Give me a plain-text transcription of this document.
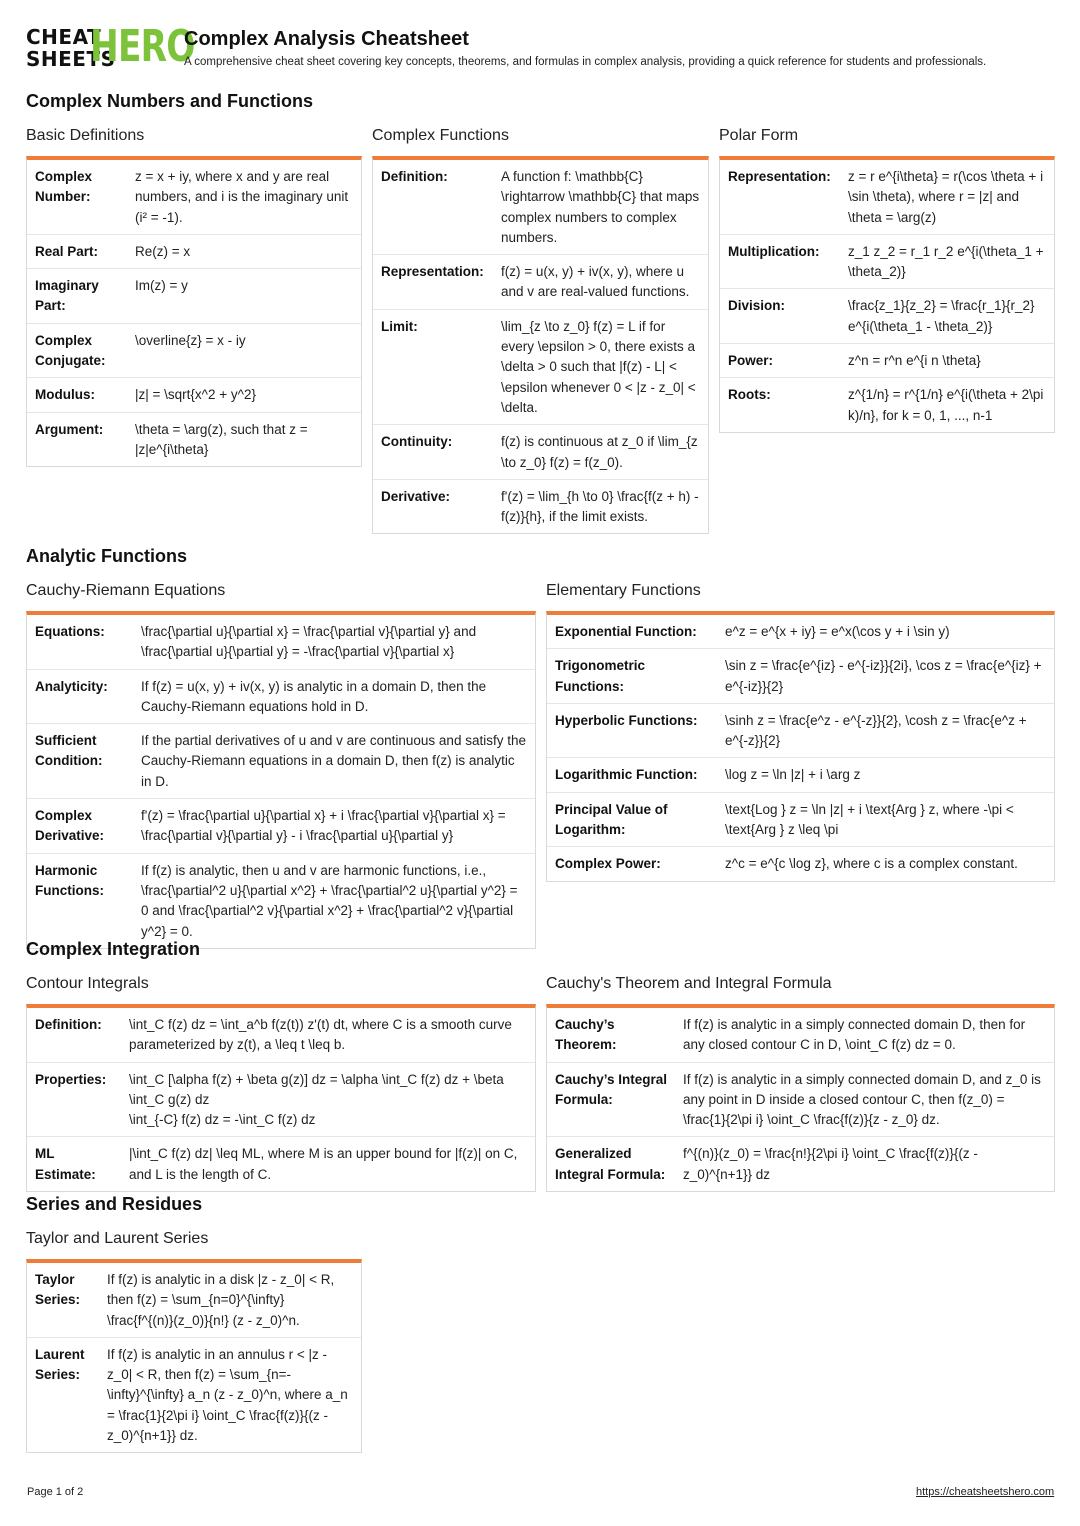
CHEAT
SHEETS
HERO
Complex Analysis Cheatsheet
A comprehensive cheat sheet covering key concepts, theorems, and formulas in complex analysis, providing a quick reference for students and professionals.
Complex Numbers and Functions
Basic Definitions
Complex
Number:
z = x + iy, where x and y are real numbers, and i is the imaginary unit (i² = -1).
Real Part:	Re(z) = x
Imaginary
Part:
Im(z) = y
Complex
Conjugate:
\overline{z} = x - iy
Modulus:	|z| = \sqrt{x^2 + y^2}
Argument:	\theta = \arg(z), such that z = |z|e^{i\theta}
Complex Functions
Definition:	A function f: \mathbb{C} \rightarrow \mathbb{C} that maps complex numbers to complex numbers.
Representation:	f(z) = u(x, y) + iv(x, y), where u and v are real-valued functions.
Limit:	\lim_{z \to z_0} f(z) = L if for every \epsilon > 0, there exists a \delta > 0 such that |f(z) - L| < \epsilon whenever 0 < |z - z_0| < \delta.
Continuity:	f(z) is continuous at z_0 if \lim_{z \to z_0} f(z) = f(z_0).
Derivative:	f'(z) = \lim_{h \to 0} \frac{f(z + h) - f(z)}{h}, if the limit exists.
Polar Form
Representation:	z = r e^{i\theta} = r(\cos \theta + i \sin \theta), where r = |z| and \theta = \arg(z)
Multiplication:	z_1 z_2 = r_1 r_2 e^{i(\theta_1 + \theta_2)}
Division:	\frac{z_1}{z_2} = \frac{r_1}{r_2} e^{i(\theta_1 - \theta_2)}
Power:	z^n = r^n e^{i n \theta}
Roots:	z^{1/n} = r^{1/n} e^{i(\theta + 2\pi k)/n}, for k = 0, 1, ..., n-1
Analytic Functions
Cauchy-Riemann Equations
Equations:	\frac{\partial u}{\partial x} = \frac{\partial v}{\partial y} and \frac{\partial u}{\partial y} = -\frac{\partial v}{\partial x}
Analyticity:	If f(z) = u(x, y) + iv(x, y) is analytic in a domain D, then the Cauchy-Riemann equations hold in D.
Sufficient
Condition:
If the partial derivatives of u and v are continuous and satisfy the Cauchy-Riemann equations in a domain D, then f(z) is analytic in D.
Complex
Derivative:
f'(z) = \frac{\partial u}{\partial x} + i \frac{\partial v}{\partial x} = \frac{\partial v}{\partial y} - i \frac{\partial u}{\partial y}
Harmonic
Functions:
If f(z) is analytic, then u and v are harmonic functions, i.e., \frac{\partial^2 u}{\partial x^2} + \frac{\partial^2 u}{\partial y^2} = 0 and \frac{\partial^2 v}{\partial x^2} + \frac{\partial^2 v}{\partial y^2} = 0.
Elementary Functions
Exponential Function:	e^z = e^{x + iy} = e^x(\cos y + i \sin y)
Trigonometric
Functions:
\sin z = \frac{e^{iz} - e^{-iz}}{2i}, \cos z = \frac{e^{iz} + e^{-iz}}{2}
Hyperbolic Functions:	\sinh z = \frac{e^z - e^{-z}}{2}, \cosh z = \frac{e^z + e^{-z}}{2}
Logarithmic Function:	\log z = \ln |z| + i \arg z
Principal Value of
Logarithm:
\text{Log } z = \ln |z| + i \text{Arg } z, where -\pi < \text{Arg } z \leq \pi
Complex Power:	z^c = e^{c \log z}, where c is a complex constant.
Complex Integration
Contour Integrals
Definition:	\int_C f(z) dz = \int_a^b f(z(t)) z'(t) dt, where C is a smooth curve parameterized by z(t), a \leq t \leq b.
Properties:	\int_C [\alpha f(z) + \beta g(z)] dz = \alpha \int_C f(z) dz + \beta \int_C g(z) dz
\int_{-C} f(z) dz = -\int_C f(z) dz
ML
Estimate:
|\int_C f(z) dz| \leq ML, where M is an upper bound for |f(z)| on C, and L is the length of C.
Cauchy's Theorem and Integral Formula
Cauchy’s
Theorem:
If f(z) is analytic in a simply connected domain D, then for any closed contour C in D, \oint_C f(z) dz = 0.
Cauchy’s Integral
Formula:
If f(z) is analytic in a simply connected domain D, and z_0 is any point in D inside a closed contour C, then f(z_0) = \frac{1}{2\pi i} \oint_C \frac{f(z)}{z - z_0} dz.
Generalized
Integral Formula:
f^{(n)}(z_0) = \frac{n!}{2\pi i} \oint_C \frac{f(z)}{(z - z_0)^{n+1}} dz
Series and Residues
Taylor and Laurent Series
Taylor
Series:
If f(z) is analytic in a disk |z - z_0| < R, then f(z) = \sum_{n=0}^{\infty} \frac{f^{(n)}(z_0)}{n!} (z - z_0)^n.
Laurent
Series:
If f(z) is analytic in an annulus r < |z - z_0| < R, then f(z) = \sum_{n=-\infty}^{\infty} a_n (z - z_0)^n, where a_n = \frac{1}{2\pi i} \oint_C \frac{f(z)}{(z - z_0)^{n+1}} dz.
Page 1 of 2	https://cheatsheetshero.com
